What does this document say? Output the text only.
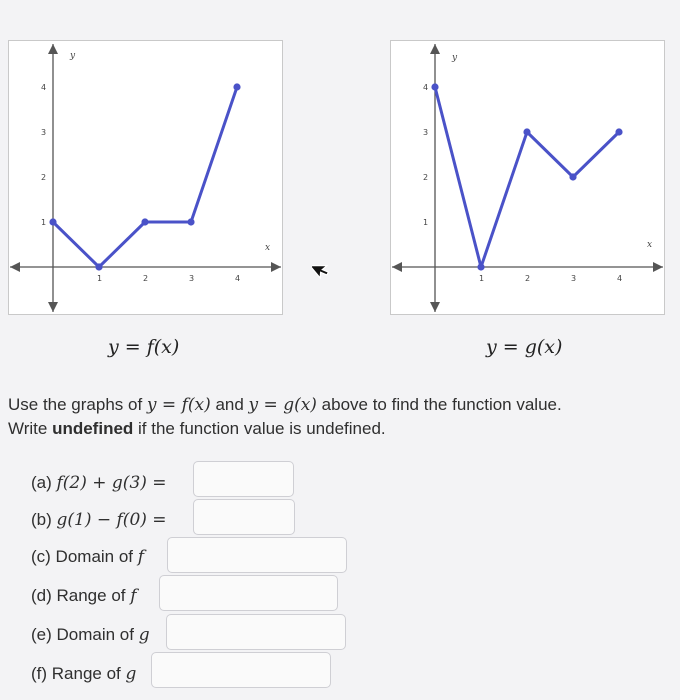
y
x
1	2	3	4
1
2
3
4
y
x
1	2	3	4
1
2
3
4
y = f(x)	y = g(x)
Use the graphs of y = f(x) and y = g(x) above to find the function value.
Write undefined if the function value is undefined.
(a) f(2) + g(3) =
(b) g(1) − f(0) =
(c) Domain of f
(d) Range of f
(e) Domain of g
(f) Range of g
